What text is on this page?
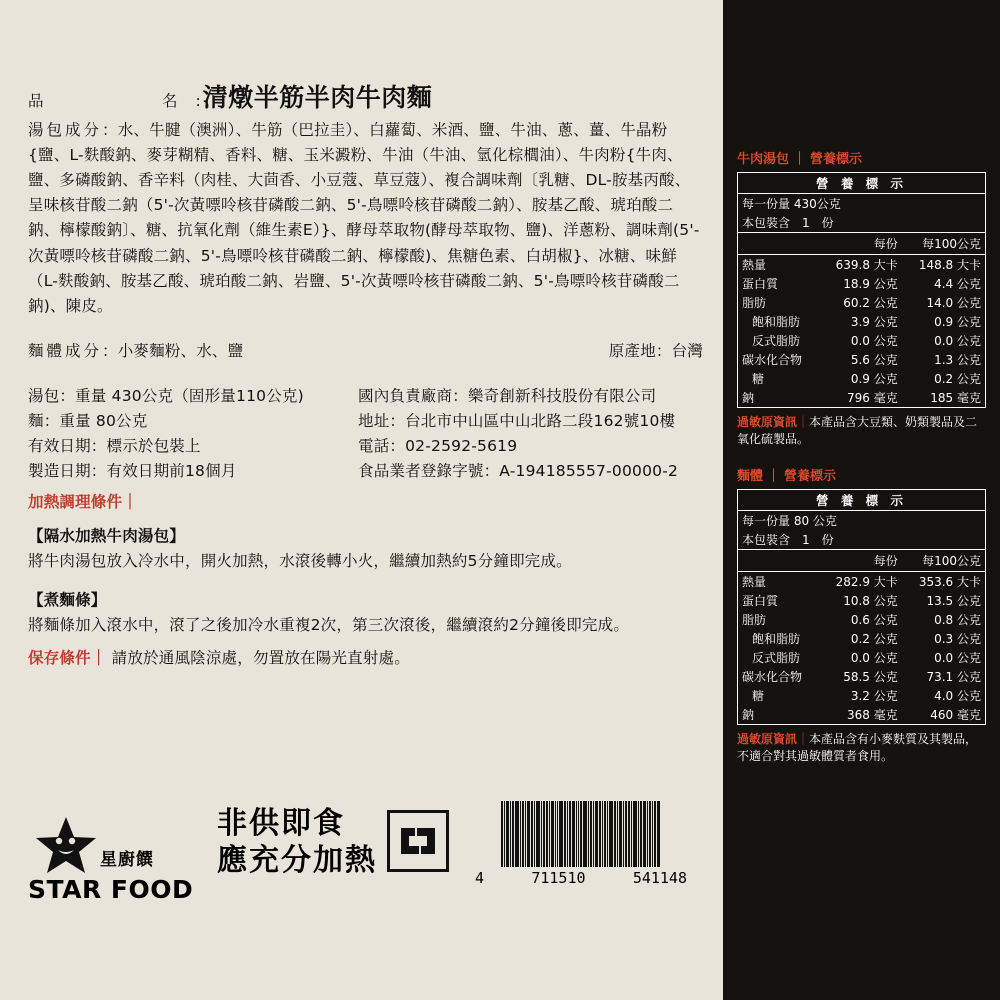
品　　　名 : 清燉半筋半肉牛肉麵
湯包成分：水、牛腱（澳洲）、牛筋（巴拉圭）、白蘿蔔、米酒、鹽、牛油、蔥、薑、牛晶粉{鹽、L-麩酸鈉、麥芽糊精、香料、糖、玉米澱粉、牛油（牛油、氫化棕櫚油）、牛肉粉{牛肉、鹽、多磷酸鈉、香辛料（肉桂、大茴香、小豆蔻、草豆蔻）、複合調味劑〔乳糖、DL-胺基丙酸、呈味核苷酸二鈉（5'-次黃嘌呤核苷磷酸二鈉、5'-鳥嘌呤核苷磷酸二鈉）、胺基乙酸、琥珀酸二鈉、檸檬酸鈉〕、糖、抗氧化劑（維生素E）}、酵母萃取物(酵母萃取物、鹽)、洋蔥粉、調味劑(5'-次黃嘌呤核苷磷酸二鈉、5'-鳥嘌呤核苷磷酸二鈉、檸檬酸)、焦糖色素、白胡椒}、冰糖、味鮮（L-麩酸鈉、胺基乙酸、琥珀酸二鈉、岩鹽、5'-次黃嘌呤核苷磷酸二鈉、5'-鳥嘌呤核苷磷酸二鈉)、陳皮。
原產地：台灣
麵體成分：小麥麵粉、水、鹽
湯包：重量 430公克（固形量110公克)
麵：重量 80公克
有效日期：標示於包裝上
製造日期：有效日期前18個月
國內負責廠商：樂奇創新科技股份有限公司
地址：台北市中山區中山北路二段162號10樓
電話：02-2592-5619
食品業者登錄字號：A-194185557-00000-2
加熱調理條件｜
【隔水加熱牛肉湯包】
將牛肉湯包放入冷水中，開火加熱，水滾後轉小火，繼續加熱約5分鐘即完成。
【煮麵條】
將麵條加入滾水中，滾了之後加冷水重複2次，第三次滾後，繼續滾約2分鐘後即完成。
保存條件｜ 請放於通風陰涼處，勿置放在陽光直射處。
星廚饌
STAR FOOD
非供即食
應充分加熱	4	711510	541148
牛肉湯包 ｜ 營養標示
營 養 標 示		
每一份量 430公克		
本包裝含　1　份		
	每份	每100公克
熱量	639.8 大卡	148.8 大卡
蛋白質	18.9 公克	4.4 公克
脂肪	60.2 公克	14.0 公克
飽和脂肪	3.9 公克	0.9 公克
反式脂肪	0.0 公克	0.0 公克
碳水化合物	5.6 公克	1.3 公克
糖	0.9 公克	0.2 公克
鈉	796 毫克	185 毫克
過敏原資訊｜本產品含大豆類、奶類製品及二氧化硫製品。
麵體 ｜ 營養標示
營 養 標 示		
每一份量 80 公克		
本包裝含　1　份		
	每份	每100公克
熱量	282.9 大卡	353.6 大卡
蛋白質	10.8 公克	13.5 公克
脂肪	0.6 公克	0.8 公克
飽和脂肪	0.2 公克	0.3 公克
反式脂肪	0.0 公克	0.0 公克
碳水化合物	58.5 公克	73.1 公克
糖	3.2 公克	4.0 公克
鈉	368 毫克	460 毫克
過敏原資訊｜本產品含有小麥麩質及其製品，不適合對其過敏體質者食用。
